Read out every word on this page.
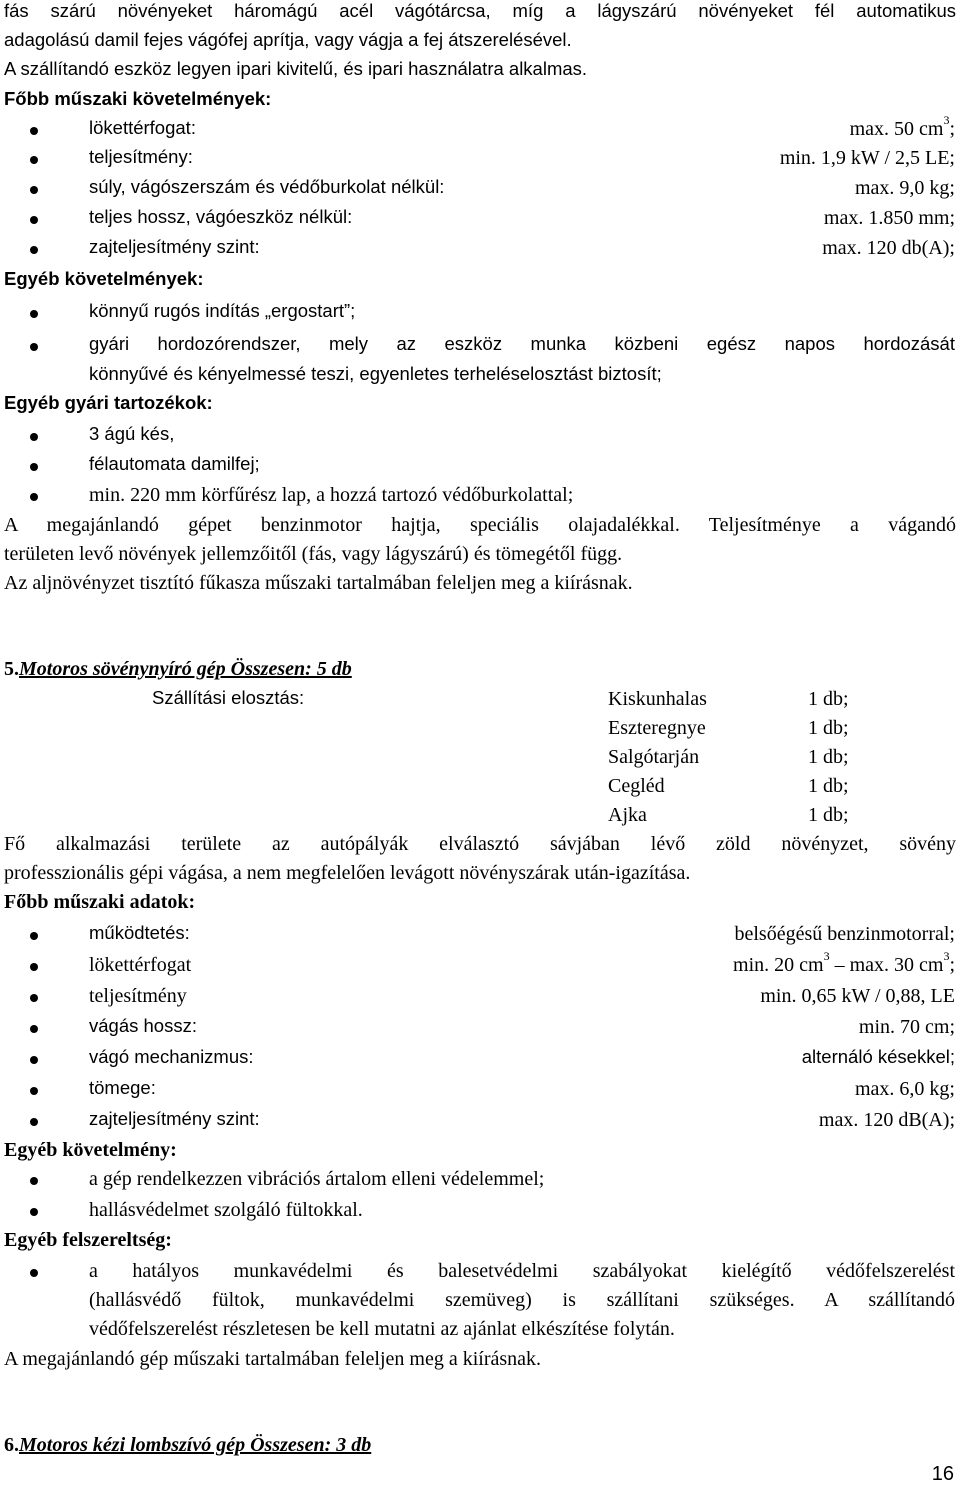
fás szárú növényeket háromágú acél vágótárcsa, míg a lágyszárú növényeket fél automatikus
adagolású damil fejes vágófej aprítja, vagy vágja a fej átszerelésével.
A szállítandó eszköz legyen ipari kivitelű, és ipari használatra alkalmas.
Főbb műszaki követelmények:
lökettérfogat:	max. 50 $cm^3$;
teljesítmény:	min. 1,9 kW / 2,5 LE;
súly, vágószerszám és védőburkolat nélkül:	max. 9,0 kg;
teljes hossz, vágóeszköz nélkül:	max. 1.850 mm;
zajteljesítmény szint:	max. 120 db(A);
Egyéb követelmények:
könnyű rugós indítás „ergostart”;
gyári hordozórendszer, mely az eszköz munka közbeni egész napos hordozását
könnyűvé és kényelmessé teszi, egyenletes terheléselosztást biztosít;
Egyéb gyári tartozékok:
3 ágú kés,
félautomata damilfej;
min. 220 mm körfűrész lap, a hozzá tartozó védőburkolattal;
A megajánlandó gépet benzinmotor hajtja, speciális olajadalékkal. Teljesítménye a vágandó
területen levő növények jellemzőitől (fás, vagy lágyszárú) és tömegétől függ.
Az aljnövényzet tisztító fűkasza műszaki tartalmában feleljen meg a kiírásnak.
5.Motoros sövénynyíró gép Összesen: 5 db
Szállítási elosztás:	Kiskunhalas	1 db;
Eszteregnye	1 db;
Salgótarján	1 db;
Cegléd	1 db;
Ajka	1 db;
Fő alkalmazási területe az autópályák elválasztó sávjában lévő zöld növényzet, sövény
professzionális gépi vágása, a nem megfelelően levágott növényszárak után-igazítása.
Főbb műszaki adatok:
működtetés:	belsőégésű benzinmotorral;
lökettérfogat	min. 20 $cm^3$ – max. 30 $cm^3$;
teljesítmény	min. 0,65 kW / 0,88, LE
vágás hossz:	min. 70 cm;
vágó mechanizmus:	alternáló késekkel;
tömege:	max. 6,0 kg;
zajteljesítmény szint:	max. 120 dB(A);
Egyéb követelmény:
a gép rendelkezzen vibrációs ártalom elleni védelemmel;
hallásvédelmet szolgáló fültokkal.
Egyéb felszereltség:
a hatályos munkavédelmi és balesetvédelmi szabályokat kielégítő védőfelszerelést
(hallásvédő fültok, munkavédelmi szemüveg) is szállítani szükséges. A szállítandó
védőfelszerelést részletesen be kell mutatni az ajánlat elkészítése folytán.
A megajánlandó gép műszaki tartalmában feleljen meg a kiírásnak.
6.Motoros kézi lombszívó gép Összesen: 3 db
16
